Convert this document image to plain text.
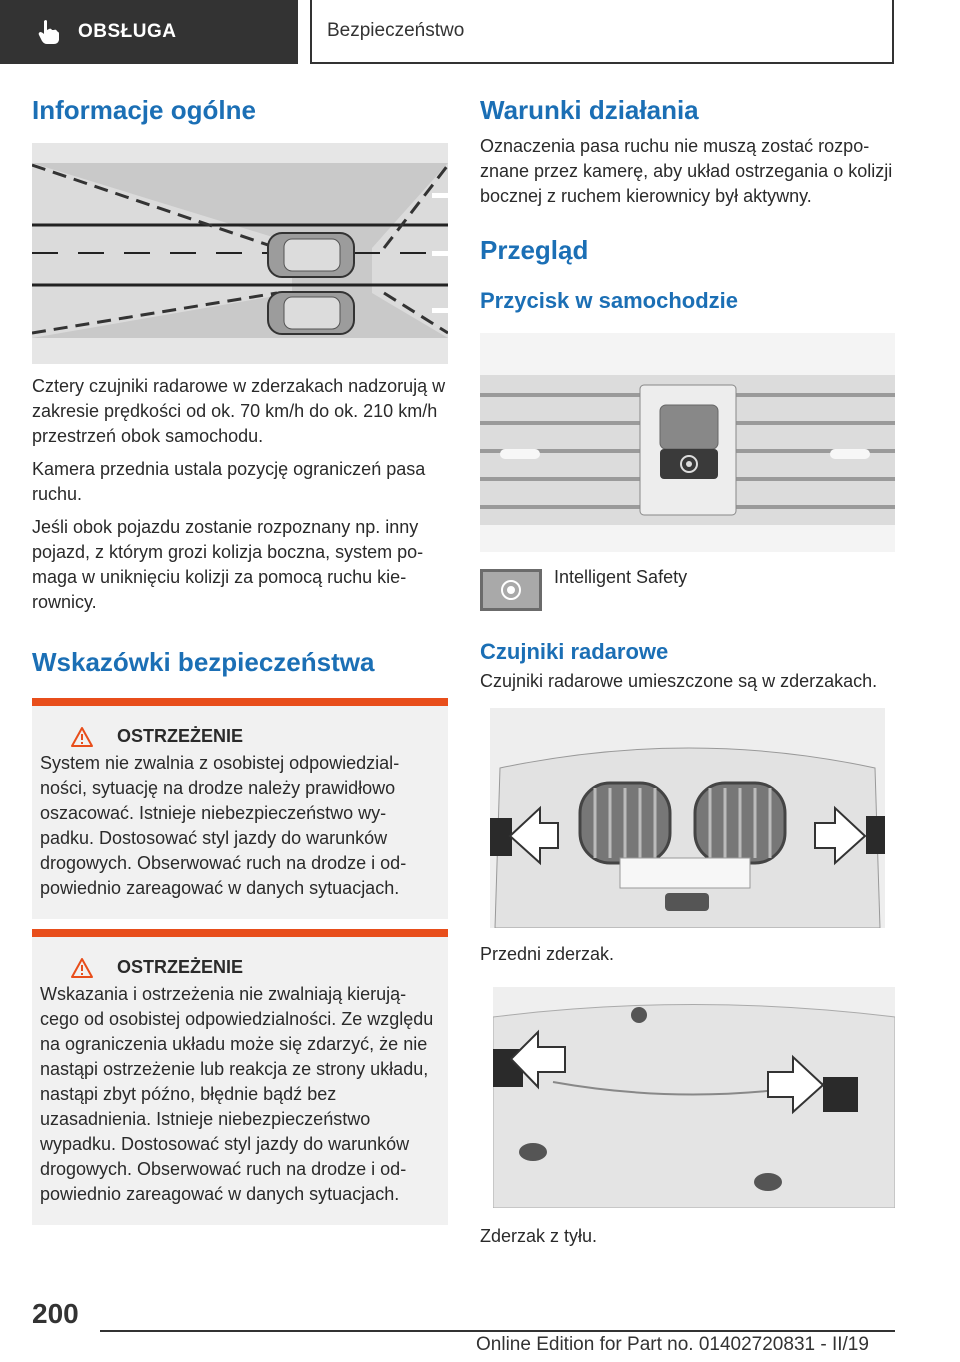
OBSŁUGA	Bezpieczeństwo
Informacje ogólne

Cztery czujniki radarowe w zderzakach nadzorują w zakresie prędkości od ok. 70 km/h do ok. 210 km/h przestrzeń obok samochodu.

Kamera przednia ustala pozycję ograniczeń pasa ruchu.

Jeśli obok pojazdu zostanie rozpoznany np. inny pojazd, z którym grozi kolizja boczna, system pomaga w uniknięciu kolizji za pomocą ruchu kierownicy.

Wskazówki bezpieczeństwa
OSTRZEŻENIE

System nie zwalnia z osobistej odpowiedzialności, sytuację na drodze należy prawidłowo oszacować. Istnieje niebezpieczeństwo wypadku. Dostosować styl jazdy do warunków drogowych. Obserwować ruch na drodze i odpowiednio zareagować w danych sytuacjach.

OSTRZEŻENIE

Wskazania i ostrzeżenia nie zwalniają kierującego od osobistej odpowiedzialności. Ze względu na ograniczenia układu może się zdarzyć, że nie nastąpi ostrzeżenie lub reakcja ze strony układu, nastąpi zbyt późno, błędnie bądź bez uzasadnienia. Istnieje niebezpieczeństwo wypadku. Dostosować styl jazdy do warunków drogowych. Obserwować ruch na drodze i odpowiednio zareagować w danych sytuacjach.

Warunki działania

Oznaczenia pasa ruchu nie muszą zostać rozpoznane przez kamerę, aby układ ostrzegania o kolizji bocznej z ruchem kierownicy był aktywny.

Przegląd
Przycisk w samochodzie

Intelligent Safety

Czujniki radarowe

Czujniki radarowe umieszczone są w zderzakach.

Przedni zderzak.

Zderzak z tyłu.

200
Online Edition for Part no. 01402720831 - II/19
